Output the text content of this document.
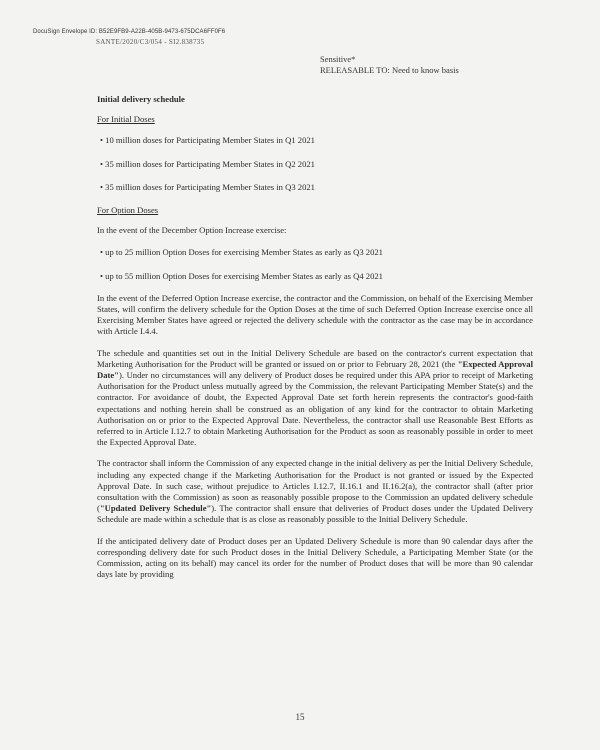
DocuSign Envelope ID: B52E9FB9-A22B-405B-9473-675DCA6FF0F6
SANTE/2020/C3/054 - SI2.838735
Sensitive*
RELEASABLE TO: Need to know basis
Initial delivery schedule
For Initial Doses
• 10 million doses for Participating Member States in Q1 2021
• 35 million doses for Participating Member States in Q2 2021
• 35 million doses for Participating Member States in Q3 2021
For Option Doses
In the event of the December Option Increase exercise:
• up to 25 million Option Doses for exercising Member States as early as Q3 2021
• up to 55 million Option Doses for exercising Member States as early as Q4 2021
In the event of the Deferred Option Increase exercise, the contractor and the Commission, on behalf of the Exercising Member States, will confirm the delivery schedule for the Option Doses at the time of such Deferred Option Increase exercise once all Exercising Member States have agreed or rejected the delivery schedule with the contractor as the case may be in accordance with Article I.4.4.
The schedule and quantities set out in the Initial Delivery Schedule are based on the contractor's current expectation that Marketing Authorisation for the Product will be granted or issued on or prior to February 28, 2021 (the "Expected Approval Date"). Under no circumstances will any delivery of Product doses be required under this APA prior to receipt of Marketing Authorisation for the Product unless mutually agreed by the Commission, the relevant Participating Member State(s) and the contractor. For avoidance of doubt, the Expected Approval Date set forth herein represents the contractor's good-faith expectations and nothing herein shall be construed as an obligation of any kind for the contractor to obtain Marketing Authorisation on or prior to the Expected Approval Date. Nevertheless, the contractor shall use Reasonable Best Efforts as referred to in Article I.12.7 to obtain Marketing Authorisation for the Product as soon as reasonably possible in order to meet the Expected Approval Date.
The contractor shall inform the Commission of any expected change in the initial delivery as per the Initial Delivery Schedule, including any expected change if the Marketing Authorisation for the Product is not granted or issued by the Expected Approval Date. In such case, without prejudice to Articles I.12.7, II.16.1 and II.16.2(a), the contractor shall (after prior consultation with the Commission) as soon as reasonably possible propose to the Commission an updated delivery schedule ("Updated Delivery Schedule"). The contractor shall ensure that deliveries of Product doses under the Updated Delivery Schedule are made within a schedule that is as close as reasonably possible to the Initial Delivery Schedule.
If the anticipated delivery date of Product doses per an Updated Delivery Schedule is more than 90 calendar days after the corresponding delivery date for such Product doses in the Initial Delivery Schedule, a Participating Member State (or the Commission, acting on its behalf) may cancel its order for the number of Product doses that will be more than 90 calendar days late by providing
15
